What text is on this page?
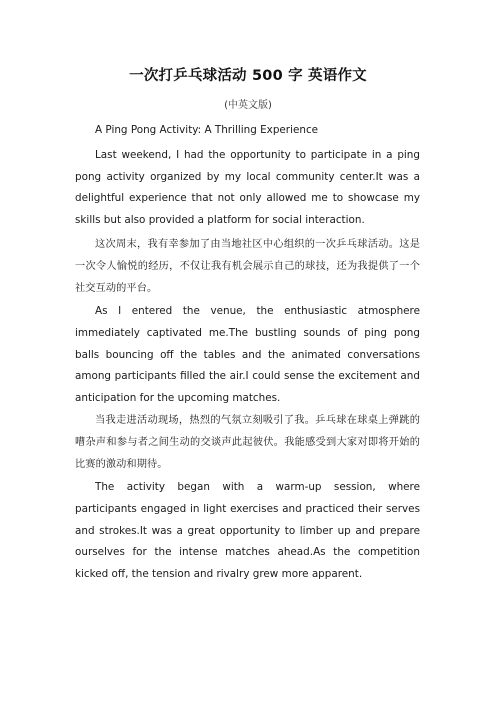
一次打乒乓球活动 500 字 英语作文
(中英文版)

A Ping Pong Activity: A Thrilling Experience

Last weekend, I had the opportunity to participate in a ping pong activity organized by my local community center.It was a delightful experience that not only allowed me to showcase my skills but also provided a platform for social interaction.

这次周末，我有幸参加了由当地社区中心组织的一次乒乓球活动。这是一次令人愉悦的经历，不仅让我有机会展示自己的球技，还为我提供了一个社交互动的平台。

As I entered the venue, the enthusiastic atmosphere immediately captivated me.The bustling sounds of ping pong balls bouncing off the tables and the animated conversations among participants filled the air.I could sense the excitement and anticipation for the upcoming matches.

当我走进活动现场，热烈的气氛立刻吸引了我。乒乓球在球桌上弹跳的嘈杂声和参与者之间生动的交谈声此起彼伏。我能感受到大家对即将开始的比赛的激动和期待。

The activity began with a warm-up session, where participants engaged in light exercises and practiced their serves and strokes.It was a great opportunity to limber up and prepare ourselves for the intense matches ahead.As the competition kicked off, the tension and rivalry grew more apparent.
